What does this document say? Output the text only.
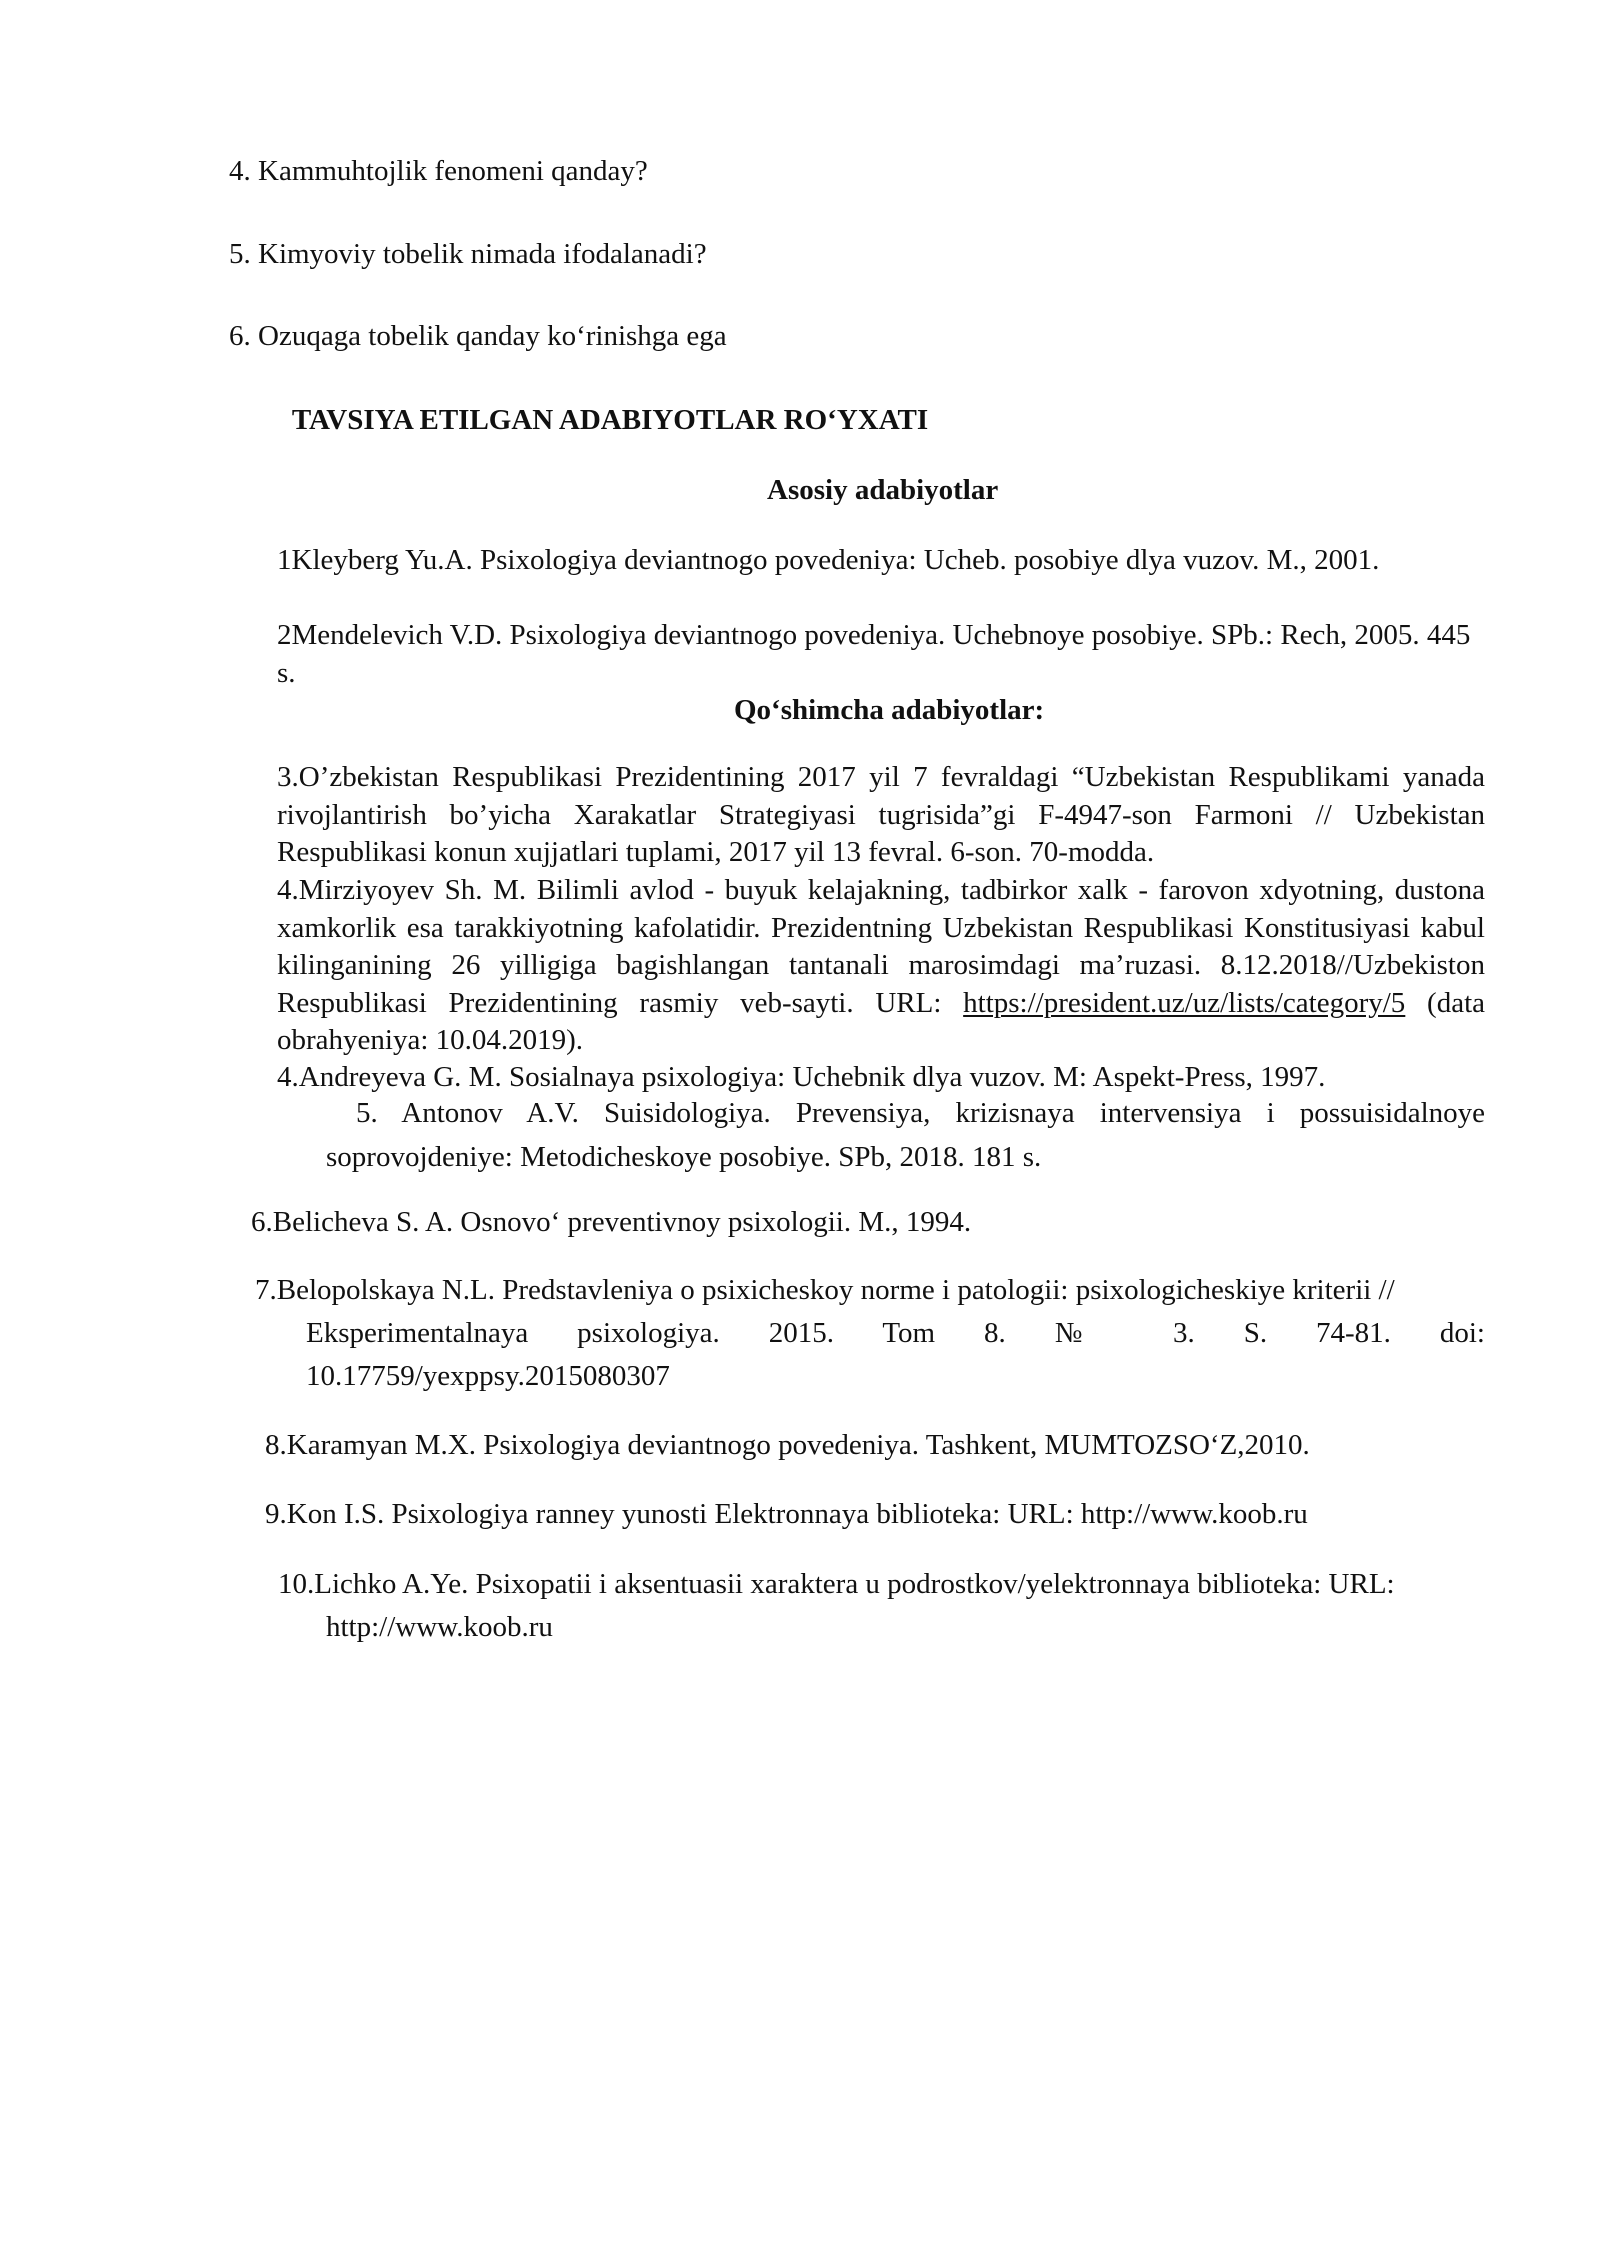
4. Kammuhtojlik fenomeni qanday?
5. Kimyoviy tobelik nimada ifodalanadi?
6. Ozuqaga tobelik qanday ko‘rinishga ega
TAVSIYA ETILGAN ADABIYOTLAR RO‘YXATI
Asosiy adabiyotlar
1Kleyberg Yu.A. Psixologiya deviantnogo povedeniya: Ucheb. posobiye dlya vuzov. M., 2001.
2Mendelevich V.D. Psixologiya deviantnogo povedeniya. Uchebnoye posobiye. SPb.: Rech, 2005. 445 s.
Qo‘shimcha adabiyotlar:
3.O’zbekistan Respublikasi Prezidentining 2017 yil 7 fevraldagi “Uzbekistan Respublikami yanada rivojlantirish bo’yicha Xarakatlar Strategiyasi tugrisida”gi F-4947-son Farmoni // Uzbekistan Respublikasi konun xujjatlari tuplami, 2017 yil 13 fevral. 6-son. 70-modda.
4.Mirziyoyev Sh. M. Bilimli avlod - buyuk kelajakning, tadbirkor xalk - farovon xdyotning, dustona xamkorlik esa tarakkiyotning kafolatidir. Prezidentning Uzbekistan Respublikasi Konstitusiyasi kabul kilinganining 26 yilligiga bagishlangan tantanali marosimdagi ma’ruzasi. 8.12.2018//Uzbekiston Respublikasi Prezidentining rasmiy veb-sayti. URL: https://president.uz/uz/lists/category/5 (data obrahyeniya: 10.04.2019).
4.Andreyeva G. M. Sosialnaya psixologiya: Uchebnik dlya vuzov. M: Aspekt-Press, 1997.
5. Antonov A.V. Suisidologiya. Prevensiya, krizisnaya intervensiya i possuisidalnoye
soprovojdeniye: Metodicheskoye posobiye. SPb, 2018. 181 s.
6.Belicheva S. A. Osnovo‘ preventivnoy psixologii. M., 1994.
7.Belopolskaya N.L. Predstavleniya o psixicheskoy norme i patologii: psixologicheskiye kriterii //
Eksperimentalnaya psixologiya. 2015. Tom 8. № 3. S. 74-81. doi:
10.17759/yexppsy.2015080307
8.Karamyan M.X. Psixologiya deviantnogo povedeniya. Tashkent, MUMTOZSO‘Z,2010.
9.Kon I.S. Psixologiya ranney yunosti Elektronnaya biblioteka: URL: http://www.koob.ru
10.Lichko A.Ye. Psixopatii i aksentuasii xaraktera u podrostkov/yelektronnaya biblioteka: URL:
http://www.koob.ru
